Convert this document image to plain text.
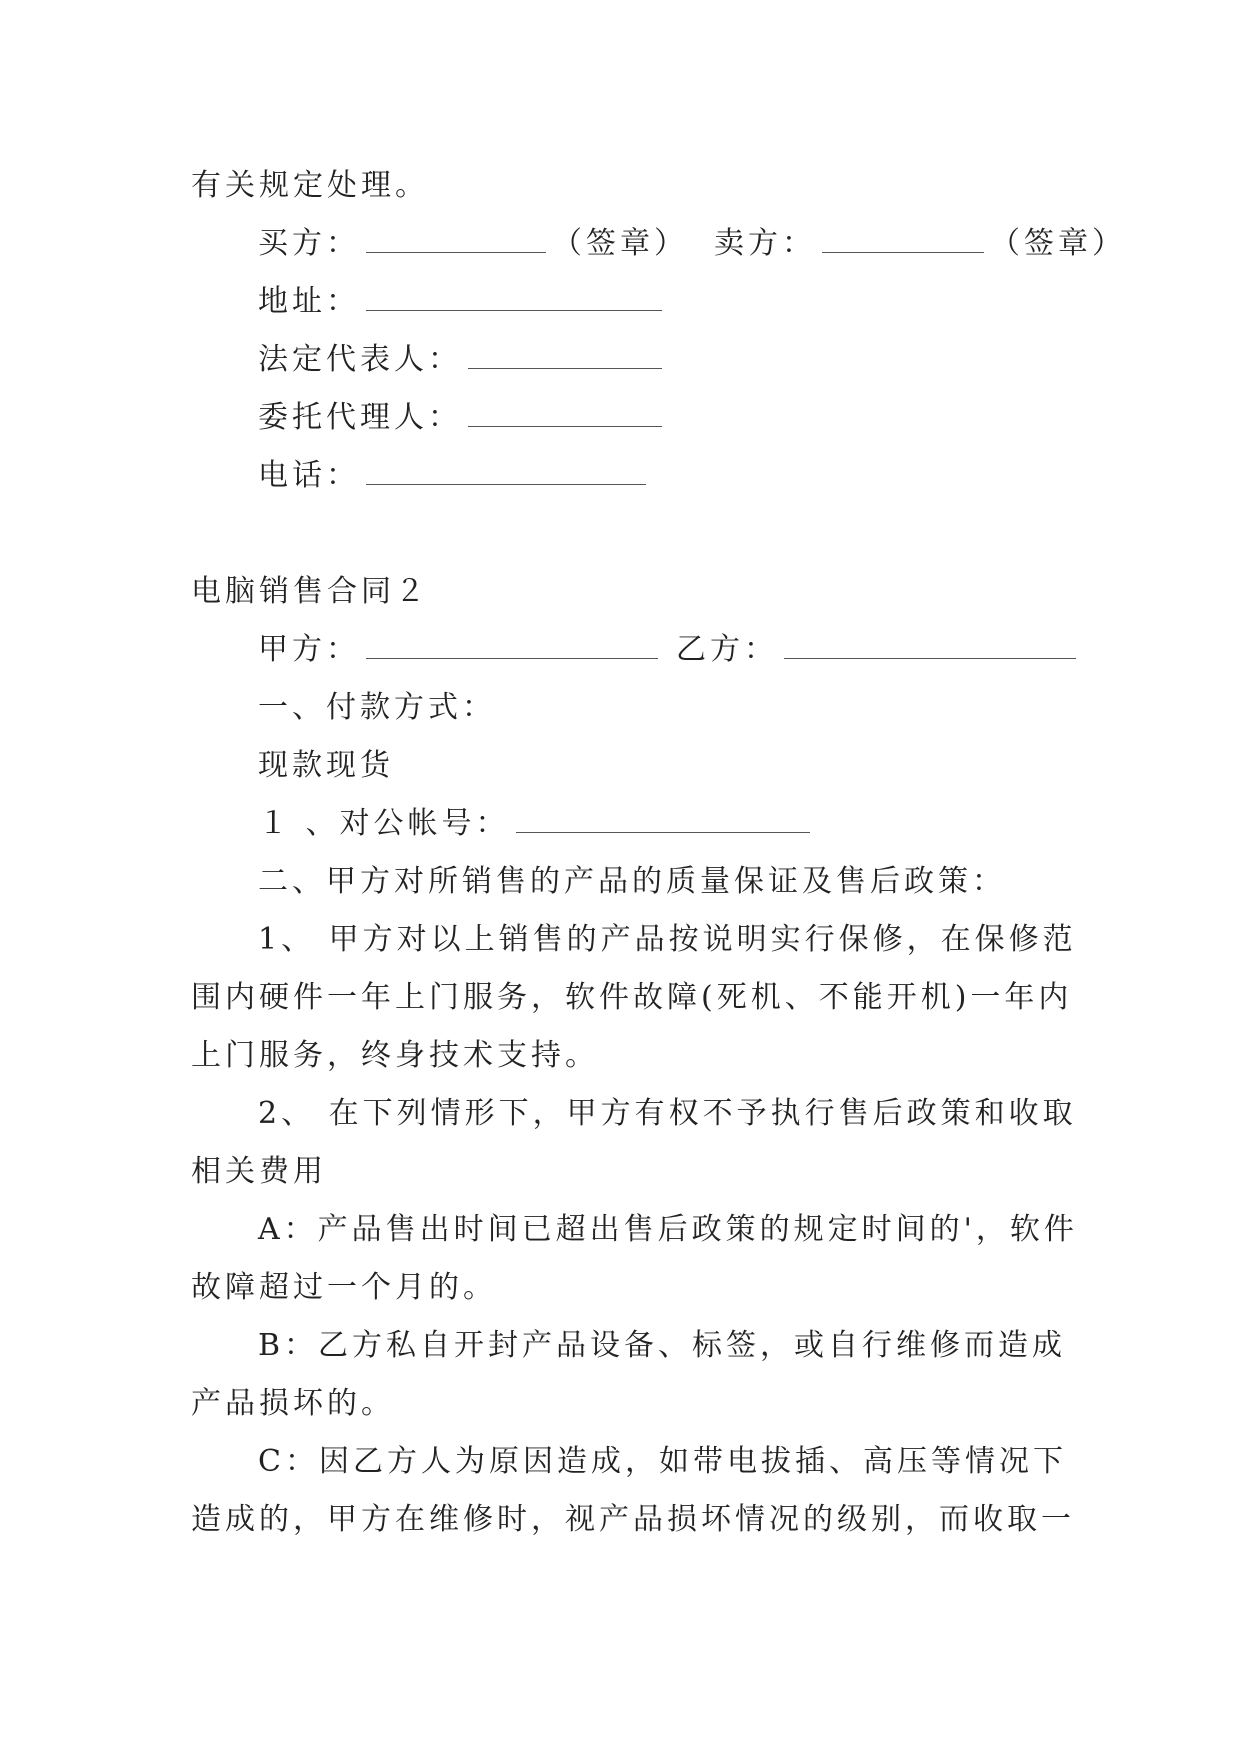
有关规定处理。
买方：	（签章） 卖方：	（签章）
地址：
法定代表人：
委托代理人：
电话：
电脑销售合同２
甲方：	乙方：
一、付款方式：
现款现货
１ 、对公帐号：
二、甲方对所销售的产品的质量保证及售后政策：
1、 甲方对以上销售的产品按说明实行保修，在保修范
围内硬件一年上门服务，软件故障(死机、不能开机)一年内
上门服务，终身技术支持。
2、 在下列情形下，甲方有权不予执行售后政策和收取
相关费用
A：产品售出时间已超出售后政策的规定时间的'，软件
故障超过一个月的。
B：乙方私自开封产品设备、标签，或自行维修而造成
产品损坏的。
C：因乙方人为原因造成，如带电拔插、高压等情况下
造成的，甲方在维修时，视产品损坏情况的级别，而收取一
